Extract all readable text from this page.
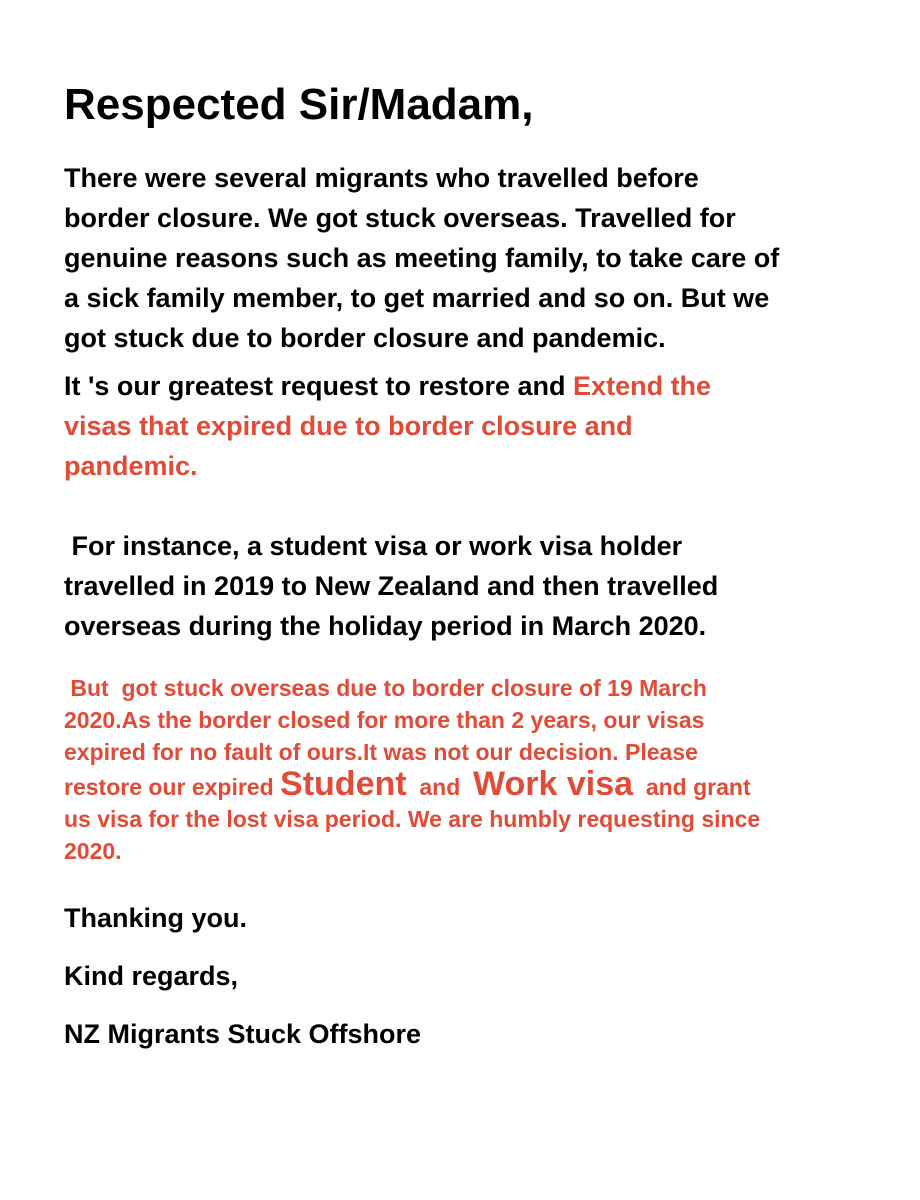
Respected Sir/Madam,
There were several migrants who travelled before
border closure. We got stuck overseas. Travelled for
genuine reasons such as meeting family, to take care of
a sick family member, to get married and so on. But we
got stuck due to border closure and pandemic.
It 's our greatest request to restore and Extend the
visas that expired due to border closure and
pandemic.
For instance, a student visa or work visa holder
travelled in 2019 to New Zealand and then travelled
overseas during the holiday period in March 2020.
But  got stuck overseas due to border closure of 19 March
2020.As the border closed for more than 2 years, our visas
expired for no fault of ours.It was not our decision. Please
restore our expired Student  and  Work visa  and grant
us visa for the lost visa period. We are humbly requesting since
2020.
Thanking you.
Kind regards,
NZ Migrants Stuck Offshore
